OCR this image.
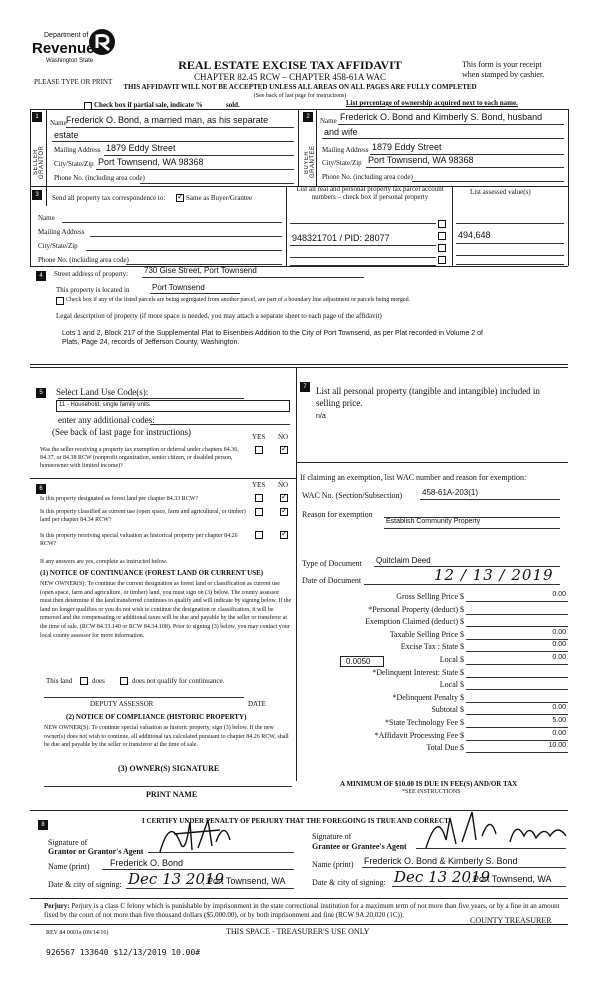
Department of
Revenue
Washington State
PLEASE TYPE OR PRINT
REAL ESTATE EXCISE TAX AFFIDAVIT
CHAPTER 82.45 RCW – CHAPTER 458-61A WAC
THIS AFFIDAVIT WILL NOT BE ACCEPTED UNLESS ALL AREAS ON ALL PAGES ARE FULLY COMPLETED
(See back of last page for instructions)
This form is your receipt
when stamped by cashier.
Check box if partial sale, indicate %	sold.	List percentage of ownership acquired next to each name.
1
SELLER GRANTOR
Name Frederick O. Bond, a married man, as his separate
estate
Mailing Address 1879 Eddy Street
City/State/Zip Port Townsend, WA 98368
Phone No. (including area code)
2
BUYER GRANTEE
Name Frederick O. Bond and Kimberly S. Bond, husband
and wife
Mailing Address 1879 Eddy Street
City/State/Zip Port Townsend, WA 98368
Phone No. (including area code)
3	Send all property tax correspondence to:
✓	Same as Buyer/Grantee
Name
Mailing Address
City/State/Zip
Phone No. (including area code)
List all real and personal property tax parcel account
numbers – check box if personal property
List assessed value(s)
948321701 / PID: 28077	494,648
4	Street address of property: 730 Gise Street, Port Townsend
This property is located in	Port Townsend
Check box if any of the listed parcels are being segregated from another parcel, are part of a boundary line adjustment or parcels being merged.
Legal description of property (if more space is needed, you may attach a separate sheet to each page of the affidavit)
Lots 1 and 2, Block 217 of the Supplemental Plat to Eisenbeis Addition to the City of Port Townsend, as per Plat recorded in Volume 2 of
Plats, Page 24, records of Jefferson County, Washington.
5	Select Land Use Code(s):
11 - Household, single family units
enter any additional codes:
(See back of last page for instructions)	YES NO
Was the seller receiving a property tax exemption or deferral under chapters 84.36, 84.37, or 84.38 RCW (nonprofit organization, senior citizen, or disabled person, homeowner with limited income)?
✓
6	YES NO
Is this property designated as forest land per chapter 84.33 RCW?
✓
Is this property classified as current use (open space, farm and agricultural, or timber) land per chapter 84.34 RCW?
✓
Is this property receiving special valuation as historical property per chapter 84.26 RCW?
✓
If any answers are yes, complete as instructed below.
(1) NOTICE OF CONTINUANCE (FOREST LAND OR CURRENT USE)
NEW OWNER(S): To continue the current designation as forest land or classification as current use (open space, farm and agriculture, or timber) land, you must sign on (3) below. The county assessor must then determine if the land transferred continues to qualify and will indicate by signing below. If the land no longer qualifies or you do not wish to continue the designation or classification, it will be removed and the compensating or additional taxes will be due and payable by the seller or transferor at the time of sale. (RCW 84.33.140 or RCW 84.34.108). Prior to signing (3) below, you may contact your local county assessor for more information.
This land	does	does not qualify for continuance.
DEPUTY ASSESSOR	DATE
(2) NOTICE OF COMPLIANCE (HISTORIC PROPERTY)
NEW OWNER(S): To continue special valuation as historic property, sign (3) below. If the new owner(s) does not wish to continue, all additional tax calculated pursuant to chapter 84.26 RCW, shall be due and payable by the seller or transferor at the time of sale.
(3) OWNER(S) SIGNATURE
PRINT NAME
7	List all personal property (tangible and intangible) included in selling price.
n/a
If claiming an exemption, list WAC number and reason for exemption:
WAC No. (Section/Subsection) 458-61A-203(1)
Reason for exemption
Establish Community Property
Type of Document Quitclaim Deed
Date of Document	12 / 13 / 2019
Gross Selling Price $	0.00
*Personal Property (deduct) $
Exemption Claimed (deduct) $
Taxable Selling Price $	0.00
Excise Tax : State $	0.00
Local $	0.00
*Delinquent Interest: State $
Local $
*Delinquent Penalty $
Subtotal $	0.00
*State Technology Fee $	5.00
*Affidavit Processing Fee $	0.00
Total Due $	10.00
0.0050
A MINIMUM OF $10.00 IS DUE IN FEE(S) AND/OR TAX
*SEE INSTRUCTIONS
8	I CERTIFY UNDER PENALTY OF PERJURY THAT THE FOREGOING IS TRUE AND CORRECT.
Signature of
Grantor or Grantor's Agent
Signature of
Grantee or Grantee's Agent
Name (print) Frederick O. Bond	Name (print) Frederick O. Bond & Kimberly S. Bond
Date & city of signing: Dec 13 2019
, Port Townsend, WA	Date & city of signing: Dec 13 2019
, Port Townsend, WA
Perjury: Perjury is a class C felony which is punishable by imprisonment in the state correctional institution for a maximum term of not more than five years, or by a fine in an amount fixed by the court of not more than five thousand dollars ($5,000.00), or by both imprisonment and fine (RCW 9A.20.020 (1C)).
REV 84 0001a (09/14/16)	THIS SPACE - TREASURER'S USE ONLY
COUNTY TREASURER
926567 133640 $12/13/2019 10.00#
